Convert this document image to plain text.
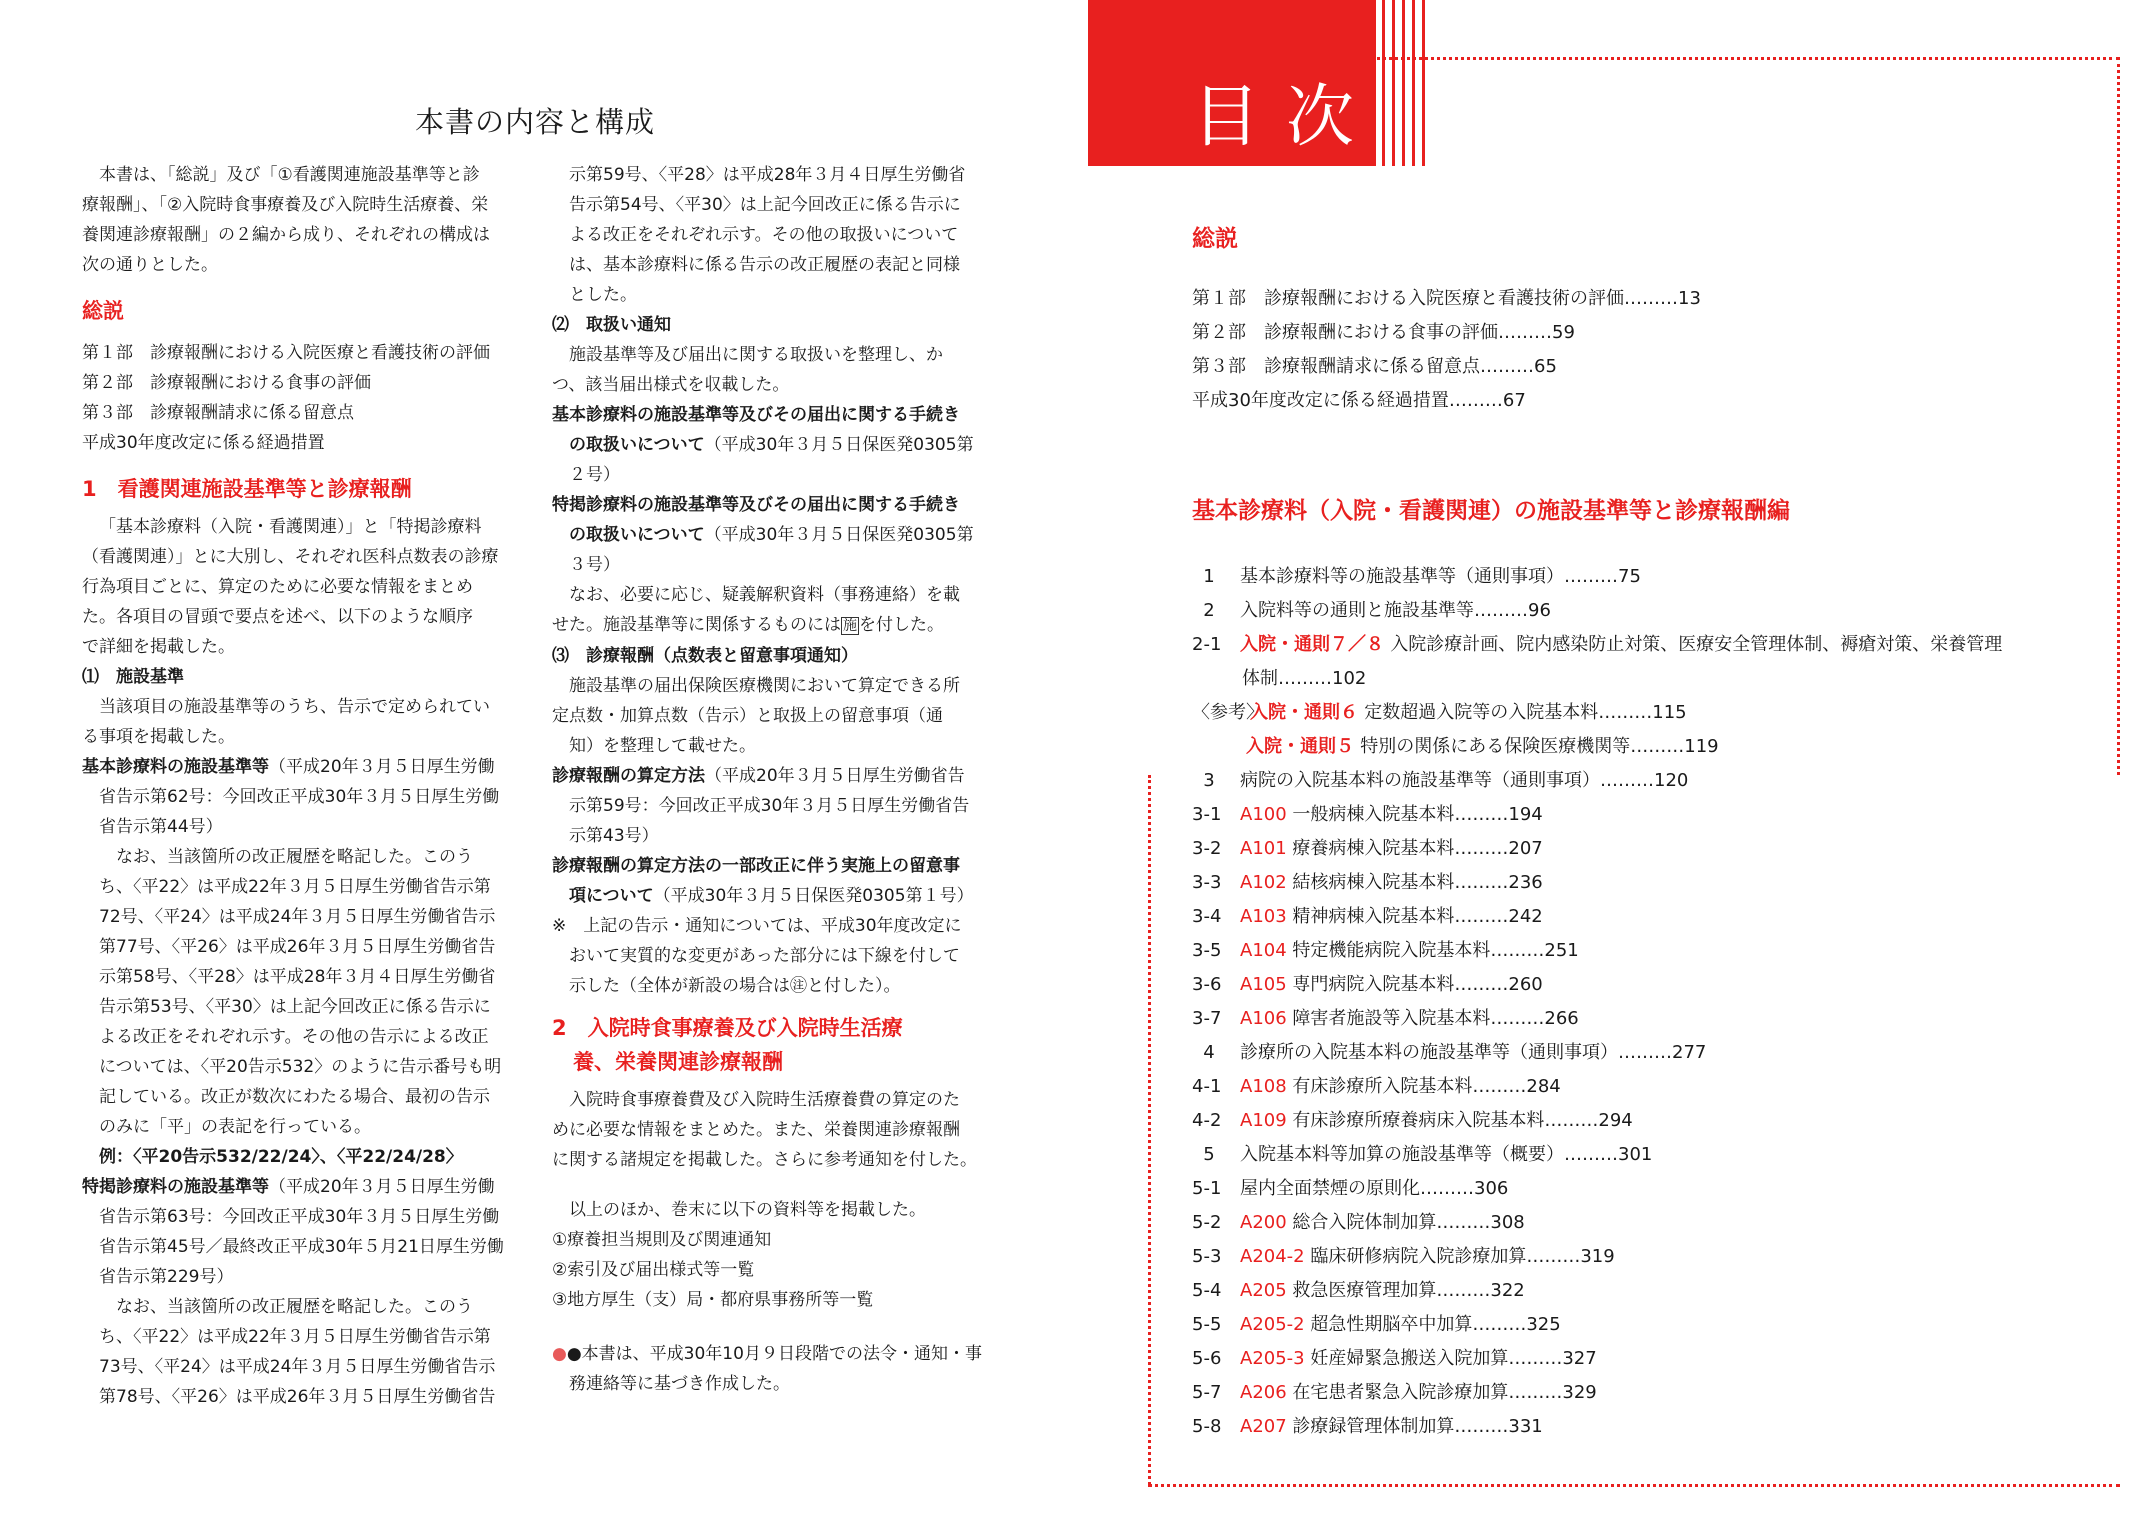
本書の内容と構成

本書は、「総説」及び「①看護関連施設基準等と診

療報酬」、「②入院時食事療養及び入院時生活療養、栄

養関連診療報酬」の２編から成り、それぞれの構成は

次の通りとした。

総説

第１部　診療報酬における入院医療と看護技術の評価

第２部　診療報酬における食事の評価

第３部　診療報酬請求に係る留意点

平成30年度改定に係る経過措置

1　看護関連施設基準等と診療報酬

「基本診療料（入院・看護関連）」と「特掲診療料

（看護関連）」とに大別し、それぞれ医科点数表の診療

行為項目ごとに、算定のために必要な情報をまとめ

た。各項目の冒頭で要点を述べ、以下のような順序

で詳細を掲載した。

⑴　施設基準

当該項目の施設基準等のうち、告示で定められてい

る事項を掲載した。

基本診療料の施設基準等（平成20年３月５日厚生労働

省告示第62号：今回改正平成30年３月５日厚生労働

省告示第44号）

なお、当該箇所の改正履歴を略記した。このう

ち、〈平22〉は平成22年３月５日厚生労働省告示第

72号、〈平24〉は平成24年３月５日厚生労働省告示

第77号、〈平26〉は平成26年３月５日厚生労働省告

示第58号、〈平28〉は平成28年３月４日厚生労働省

告示第53号、〈平30〉は上記今回改正に係る告示に

よる改正をそれぞれ示す。その他の告示による改正

については、〈平20告示532〉のように告示番号も明

記している。改正が数次にわたる場合、最初の告示

のみに「平」の表記を行っている。

例：〈平20告示532/22/24〉、〈平22/24/28〉

特掲診療料の施設基準等（平成20年３月５日厚生労働

省告示第63号：今回改正平成30年３月５日厚生労働

省告示第45号／最終改正平成30年５月21日厚生労働

省告示第229号）

なお、当該箇所の改正履歴を略記した。このう

ち、〈平22〉は平成22年３月５日厚生労働省告示第

73号、〈平24〉は平成24年３月５日厚生労働省告示

第78号、〈平26〉は平成26年３月５日厚生労働省告

示第59号、〈平28〉は平成28年３月４日厚生労働省

告示第54号、〈平30〉は上記今回改正に係る告示に

よる改正をそれぞれ示す。その他の取扱いについて

は、基本診療料に係る告示の改正履歴の表記と同様

とした。

⑵　取扱い通知

施設基準等及び届出に関する取扱いを整理し、か

つ、該当届出様式を収載した。

基本診療料の施設基準等及びその届出に関する手続き

の取扱いについて（平成30年３月５日保医発0305第

２号）

特掲診療料の施設基準等及びその届出に関する手続き

の取扱いについて（平成30年３月５日保医発0305第

３号）

なお、必要に応じ、疑義解釈資料（事務連絡）を載

せた。施設基準等に関係するものには 施 を付した。

⑶　診療報酬（点数表と留意事項通知）

施設基準の届出保険医療機関において算定できる所

定点数・加算点数（告示）と取扱上の留意事項（通

知）を整理して載せた。

診療報酬の算定方法（平成20年３月５日厚生労働省告

示第59号：今回改正平成30年３月５日厚生労働省告

示第43号）

診療報酬の算定方法の一部改正に伴う実施上の留意事

項について（平成30年３月５日保医発0305第１号）

※　上記の告示・通知については、平成30年度改定に

おいて実質的な変更があった部分には下線を付して

示した（全体が新設の場合は㊟と付した）。

2　入院時食事療養及び入院時生活療

養、栄養関連診療報酬

入院時食事療養費及び入院時生活療養費の算定のた

めに必要な情報をまとめた。また、栄養関連診療報酬

に関する諸規定を掲載した。さらに参考通知を付した。

以上のほか、巻末に以下の資料等を掲載した。

①療養担当規則及び関連通知

②索引及び届出様式等一覧

③地方厚生（支）局・都府県事務所等一覧

●●本書は、平成30年10月９日段階での法令・通知・事

務連絡等に基づき作成した。

目次
総説
第１部　診療報酬における入院医療と看護技術の評価………13
第２部　診療報酬における食事の評価………59
第３部　診療報酬請求に係る留意点………65
平成30年度改定に係る経過措置………67
基本診療料（入院・看護関連）の施設基準等と診療報酬編
1 基本診療料等の施設基準等（通則事項）………75
2 入院料等の通則と施設基準等………96
2-1 入院・通則７／８ 入院診療計画、院内感染防止対策、医療安全管理体制、褥瘡対策、栄養管理
体制………102
〈参考〉入院・通則６ 定数超過入院等の入院基本料………115
入院・通則５ 特別の関係にある保険医療機関等………119
3 病院の入院基本料の施設基準等（通則事項）………120
3-1 A100 一般病棟入院基本料………194
3-2 A101 療養病棟入院基本料………207
3-3 A102 結核病棟入院基本料………236
3-4 A103 精神病棟入院基本料………242
3-5 A104 特定機能病院入院基本料………251
3-6 A105 専門病院入院基本料………260
3-7 A106 障害者施設等入院基本料………266
4 診療所の入院基本料の施設基準等（通則事項）………277
4-1 A108 有床診療所入院基本料………284
4-2 A109 有床診療所療養病床入院基本料………294
5 入院基本料等加算の施設基準等（概要）………301
5-1 屋内全面禁煙の原則化………306
5-2 A200 総合入院体制加算………308
5-3 A204-2 臨床研修病院入院診療加算………319
5-4 A205 救急医療管理加算………322
5-5 A205-2 超急性期脳卒中加算………325
5-6 A205-3 妊産婦緊急搬送入院加算………327
5-7 A206 在宅患者緊急入院診療加算………329
5-8 A207 診療録管理体制加算………331
